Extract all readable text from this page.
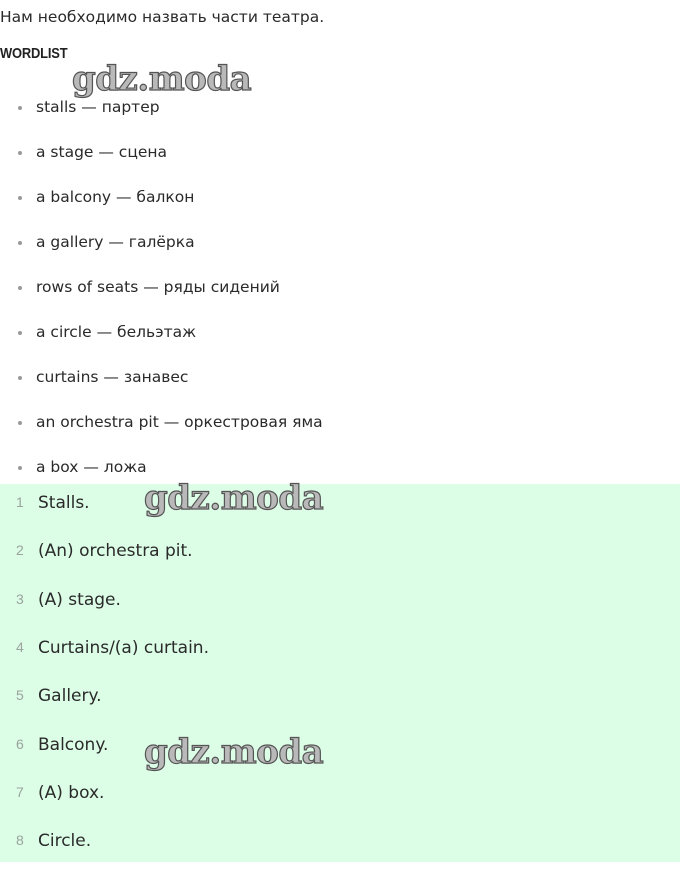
Нам необходимо назвать части театра.
WORDLIST
stalls — партер
a stage — сцена
a balcony — балкон
a gallery — галёрка
rows of seats — ряды сидений
a circle — бельэтаж
curtains — занавес
an orchestra pit — оркестровая яма
a box — ложа
1 Stalls.
2 (An) orchestra pit.
3 (A) stage.
4 Curtains/(a) curtain.
5 Gallery.
6 Balcony.
7 (A) box.
8 Circle.
gdz.moda
gdz.moda
gdz.moda
